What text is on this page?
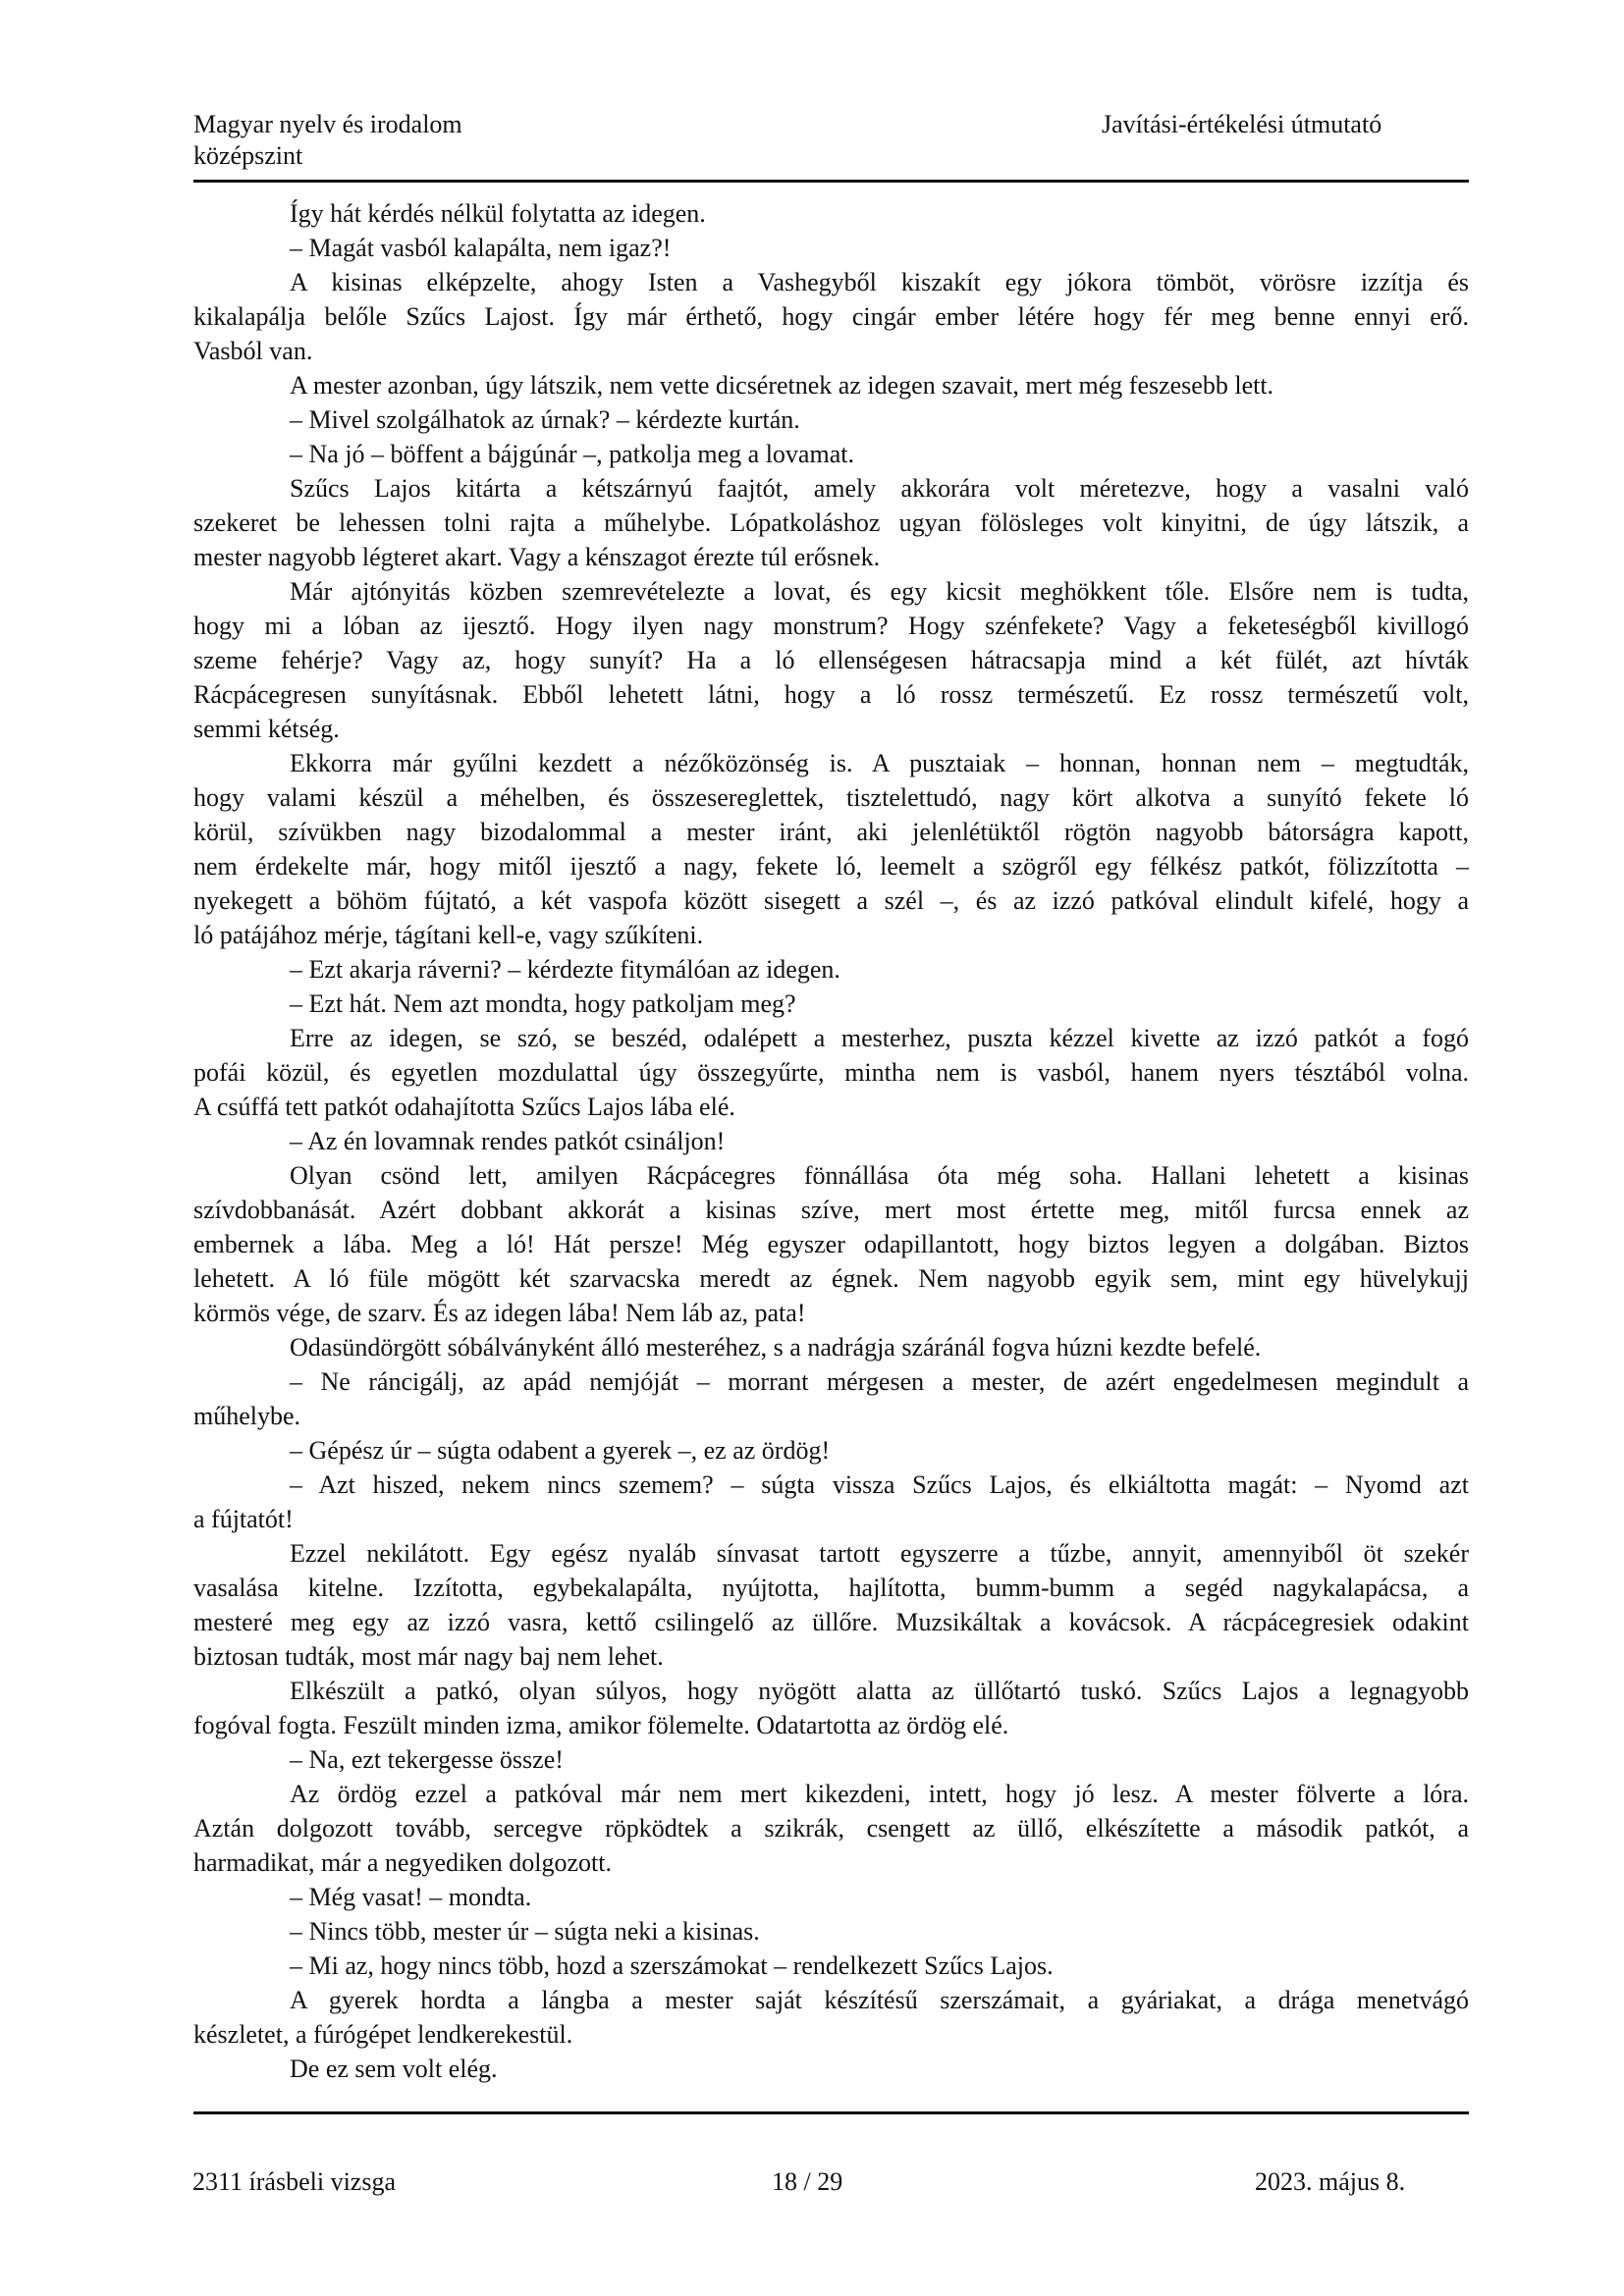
Magyar nyelv és irodalom
középszint
Javítási-értékelési útmutató
Így hát kérdés nélkül folytatta az idegen.
– Magát vasból kalapálta, nem igaz?!
A kisinas elképzelte, ahogy Isten a Vashegyből kiszakít egy jókora tömböt, vörösre izzítja és
kikalapálja belőle Szűcs Lajost. Így már érthető, hogy cingár ember létére hogy fér meg benne ennyi erő.
Vasból van.
A mester azonban, úgy látszik, nem vette dicséretnek az idegen szavait, mert még feszesebb lett.
– Mivel szolgálhatok az úrnak? – kérdezte kurtán.
– Na jó – böffent a bájgúnár –, patkolja meg a lovamat.
Szűcs Lajos kitárta a kétszárnyú faajtót, amely akkorára volt méretezve, hogy a vasalni való
szekeret be lehessen tolni rajta a műhelybe. Lópatkoláshoz ugyan fölösleges volt kinyitni, de úgy látszik, a
mester nagyobb légteret akart. Vagy a kénszagot érezte túl erősnek.
Már ajtónyitás közben szemrevételezte a lovat, és egy kicsit meghökkent tőle. Elsőre nem is tudta,
hogy mi a lóban az ijesztő. Hogy ilyen nagy monstrum? Hogy szénfekete? Vagy a feketeségből kivillogó
szeme fehérje? Vagy az, hogy sunyít? Ha a ló ellenségesen hátracsapja mind a két fülét, azt hívták
Rácpácegresen sunyításnak. Ebből lehetett látni, hogy a ló rossz természetű. Ez rossz természetű volt,
semmi kétség.
Ekkorra már gyűlni kezdett a nézőközönség is. A pusztaiak – honnan, honnan nem – megtudták,
hogy valami készül a méhelben, és összesereglettek, tisztelettudó, nagy kört alkotva a sunyító fekete ló
körül, szívükben nagy bizodalommal a mester iránt, aki jelenlétüktől rögtön nagyobb bátorságra kapott,
nem érdekelte már, hogy mitől ijesztő a nagy, fekete ló, leemelt a szögről egy félkész patkót, fölizzította –
nyekegett a böhöm fújtató, a két vaspofa között sisegett a szél –, és az izzó patkóval elindult kifelé, hogy a
ló patájához mérje, tágítani kell-e, vagy szűkíteni.
– Ezt akarja ráverni? – kérdezte fitymálóan az idegen.
– Ezt hát. Nem azt mondta, hogy patkoljam meg?
Erre az idegen, se szó, se beszéd, odalépett a mesterhez, puszta kézzel kivette az izzó patkót a fogó
pofái közül, és egyetlen mozdulattal úgy összegyűrte, mintha nem is vasból, hanem nyers tésztából volna.
A csúffá tett patkót odahajította Szűcs Lajos lába elé.
– Az én lovamnak rendes patkót csináljon!
Olyan csönd lett, amilyen Rácpácegres fönnállása óta még soha. Hallani lehetett a kisinas
szívdobbanását. Azért dobbant akkorát a kisinas szíve, mert most értette meg, mitől furcsa ennek az
embernek a lába. Meg a ló! Hát persze! Még egyszer odapillantott, hogy biztos legyen a dolgában. Biztos
lehetett. A ló füle mögött két szarvacska meredt az égnek. Nem nagyobb egyik sem, mint egy hüvelykujj
körmös vége, de szarv. És az idegen lába! Nem láb az, pata!
Odasündörgött sóbálványként álló mesteréhez, s a nadrágja száránál fogva húzni kezdte befelé.
– Ne ráncigálj, az apád nemjóját – morrant mérgesen a mester, de azért engedelmesen megindult a
műhelybe.
– Gépész úr – súgta odabent a gyerek –, ez az ördög!
– Azt hiszed, nekem nincs szemem? – súgta vissza Szűcs Lajos, és elkiáltotta magát: – Nyomd azt
a fújtatót!
Ezzel nekilátott. Egy egész nyaláb sínvasat tartott egyszerre a tűzbe, annyit, amennyiből öt szekér
vasalása kitelne. Izzította, egybekalapálta, nyújtotta, hajlította, bumm-bumm a segéd nagykalapácsa, a
mesteré meg egy az izzó vasra, kettő csilingelő az üllőre. Muzsikáltak a kovácsok. A rácpácegresiek odakint
biztosan tudták, most már nagy baj nem lehet.
Elkészült a patkó, olyan súlyos, hogy nyögött alatta az üllőtartó tuskó. Szűcs Lajos a legnagyobb
fogóval fogta. Feszült minden izma, amikor fölemelte. Odatartotta az ördög elé.
– Na, ezt tekergesse össze!
Az ördög ezzel a patkóval már nem mert kikezdeni, intett, hogy jó lesz. A mester fölverte a lóra.
Aztán dolgozott tovább, sercegve röpködtek a szikrák, csengett az üllő, elkészítette a második patkót, a
harmadikat, már a negyediken dolgozott.
– Még vasat! – mondta.
– Nincs több, mester úr – súgta neki a kisinas.
– Mi az, hogy nincs több, hozd a szerszámokat – rendelkezett Szűcs Lajos.
A gyerek hordta a lángba a mester saját készítésű szerszámait, a gyáriakat, a drága menetvágó
készletet, a fúrógépet lendkerekestül.
De ez sem volt elég.
2311 írásbeli vizsga	18 / 29	2023. május 8.
